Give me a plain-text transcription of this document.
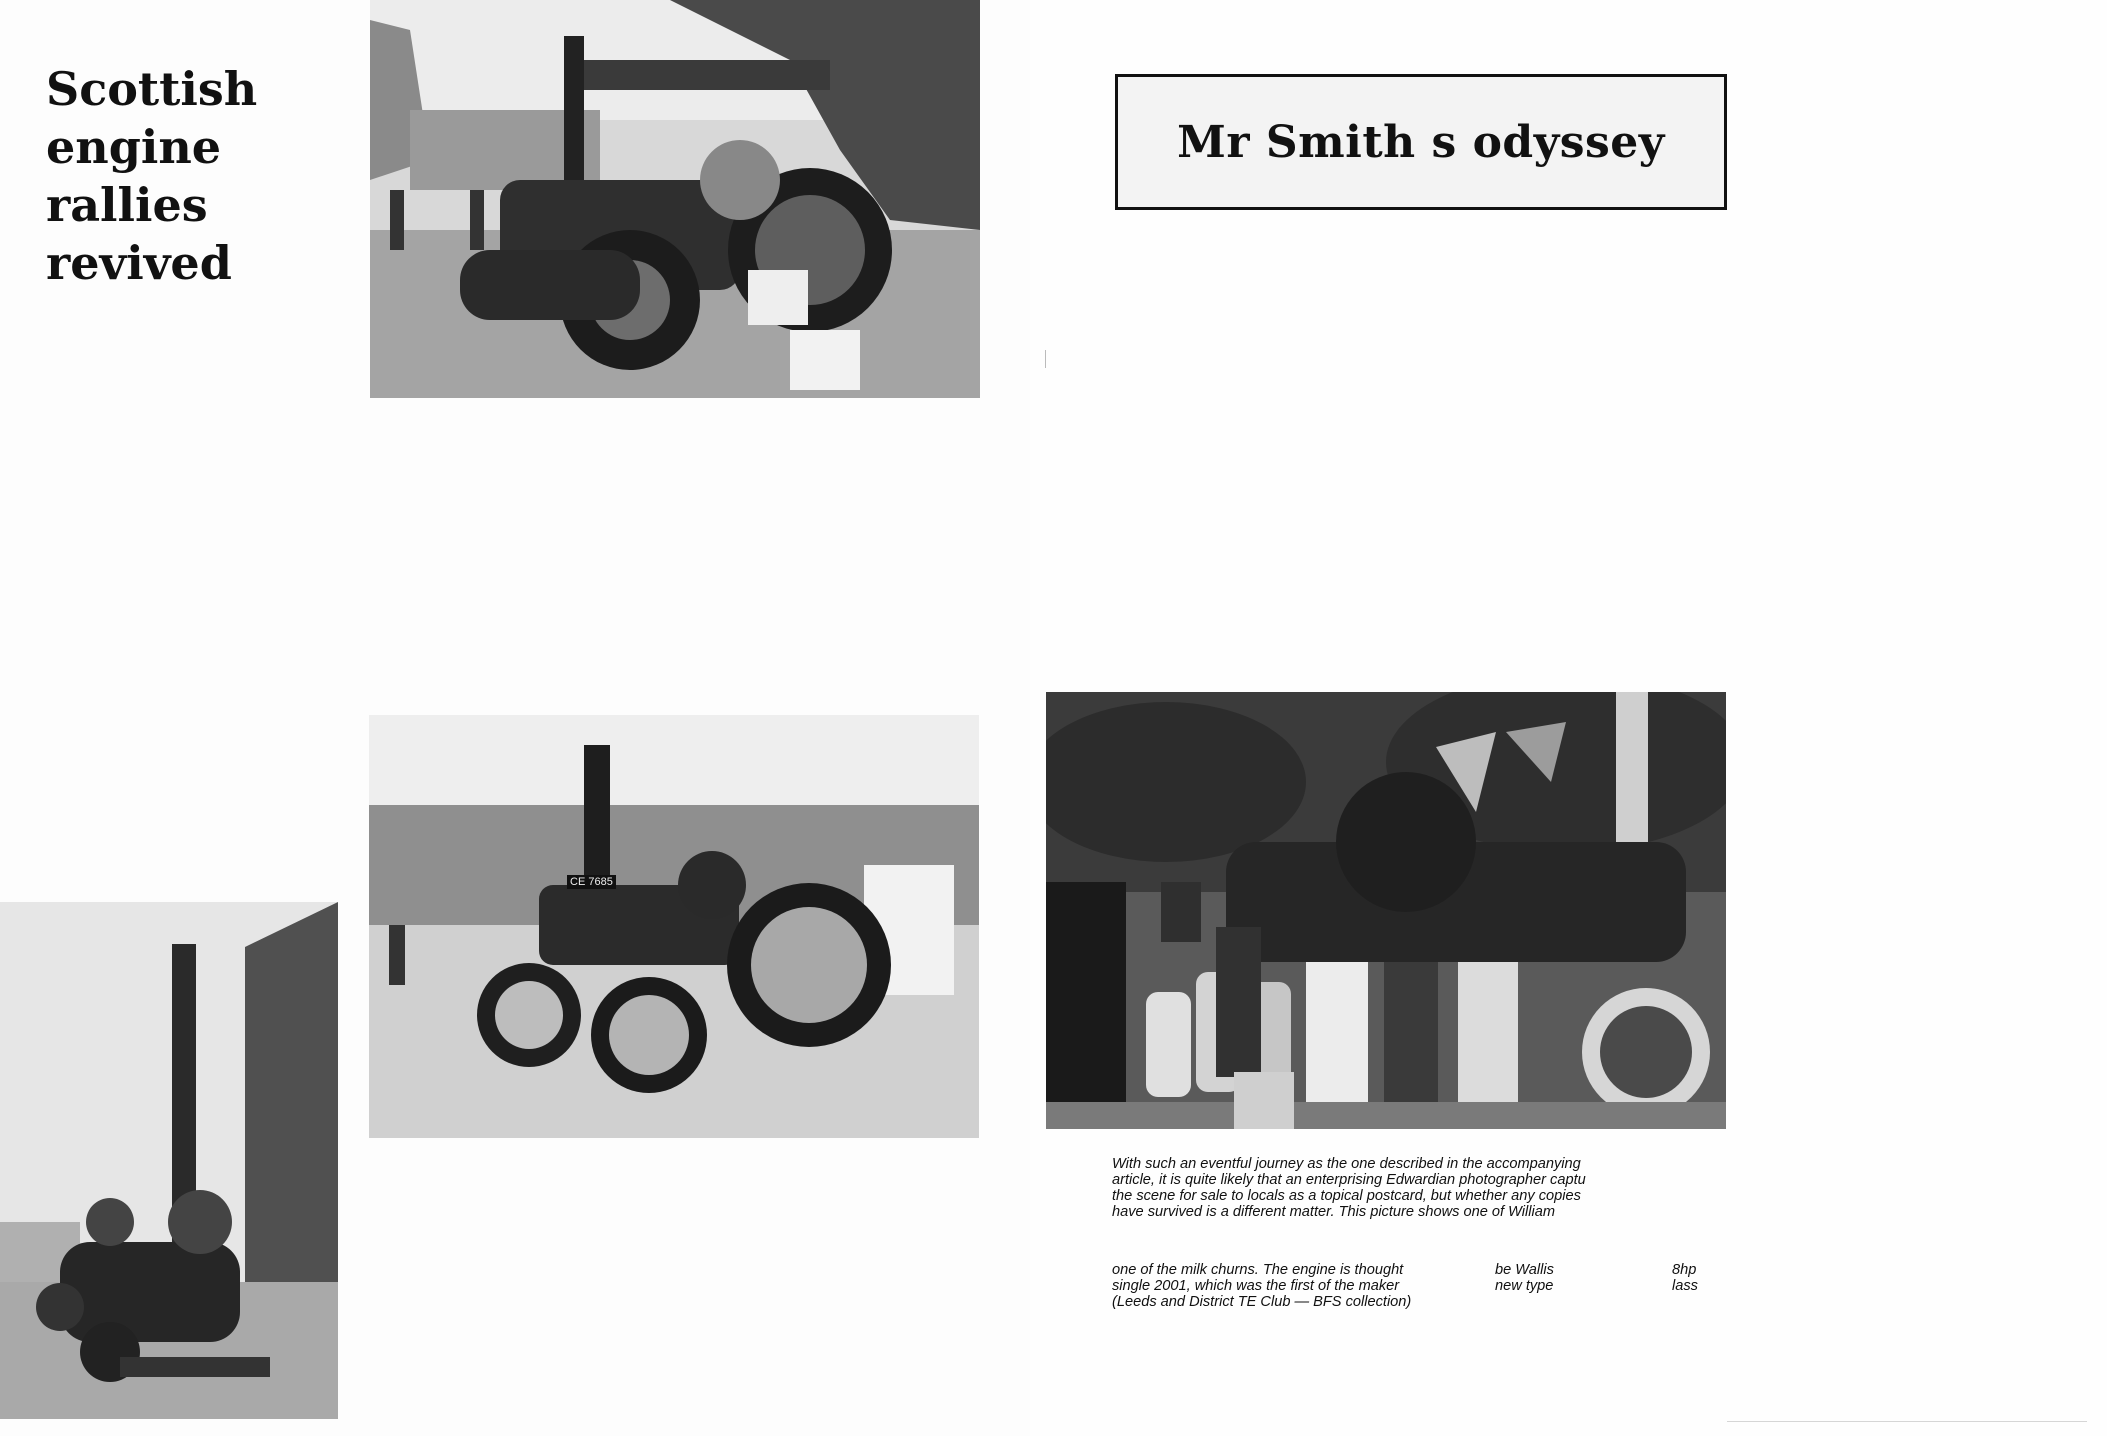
Scottish
engine
rallies
revived
CE 7685
Mr Smith s odyssey

With such an eventful journey as the one described in the accompanying

article, it is quite likely that an enterprising Edwardian photographer captu

the scene for sale to locals as a topical postcard, but whether any copies

have survived is a different matter. This picture shows one of William

one of the milk churns. The engine is thought	be Wallis	8hp
single 2001, which was the first of the maker	new type	lass
(Leeds and District TE Club — BFS collection)
